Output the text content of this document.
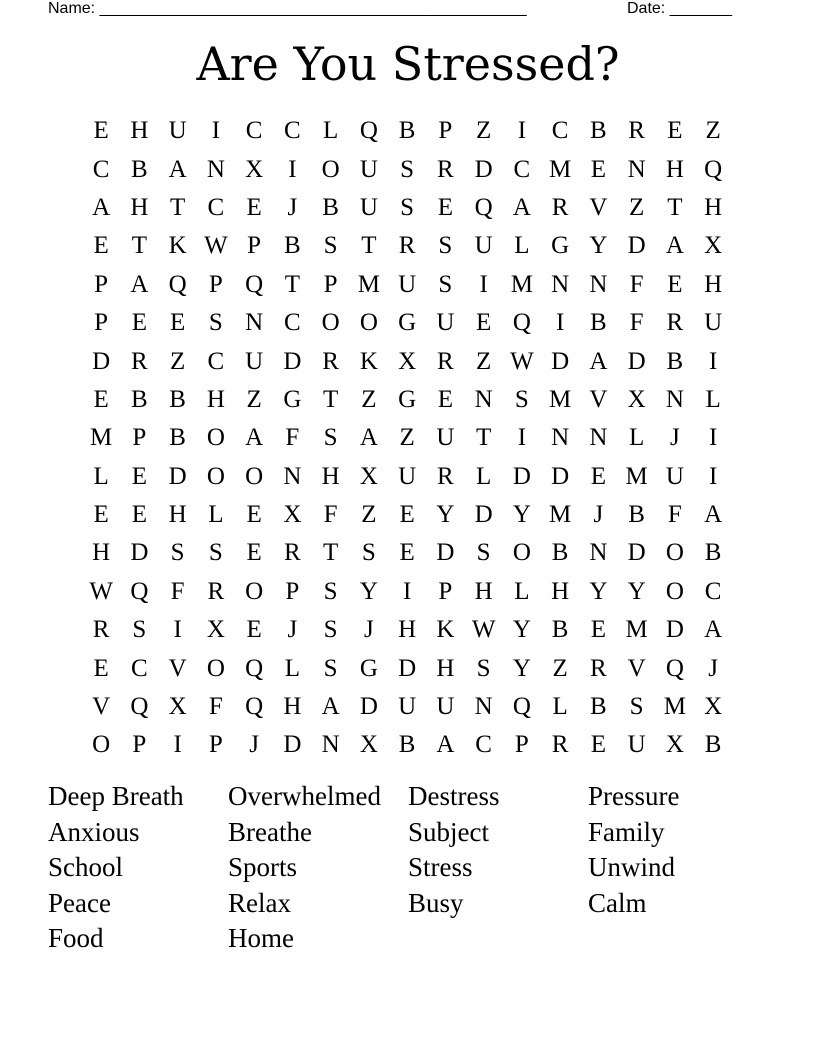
Name: ________________________________________________	Date: _______
Are You Stressed?
E H U	I	C C L Q B P Z	I	C B R E Z
C B A N X	I	O U S R D C M E N H Q
A H T C E	J	B U S E Q A R V Z T H
E T K W P B S T R S U L G Y D A X
P A Q P Q T P M U S	I M N N F E H
P E E S N C O O G U E Q	I	B F R U
D R Z C U D R K X R Z W D A D B	I
E B B H Z G T Z G E N S M V X N L
M P B O A F S A Z U T	I	N N L	J	I
L E D O O N H X U R L D D E M U	I
E E H L E X F Z E Y D Y M J	B F A
H D S S E R T S E D S O B N D O B
W Q F R O P S Y	I	P H L H Y Y O C
R S	I	X E	J	S	J H K W Y B E M D A
E C V O Q L S G D H S Y Z R V Q J
V Q X F Q H A D U U N Q L B S M X
O P	I	P	J D N X B A C P R E U X B
Deep Breath	Overwhelmed	Destress	Pressure
Anxious	Breathe	Subject	Family
School	Sports	Stress	Unwind
Peace	Relax	Busy	Calm
Food	Home
